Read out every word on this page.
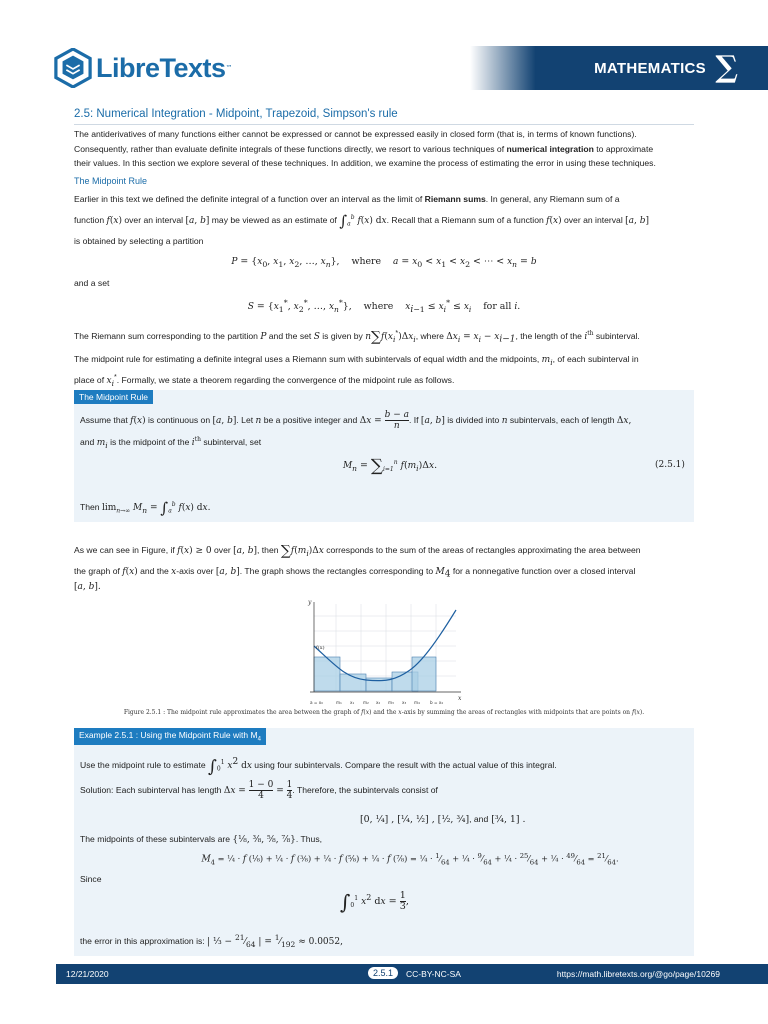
LibreTexts ™	MATHEMATICS ∑
2.5: Numerical Integration - Midpoint, Trapezoid, Simpson's rule
The antiderivatives of many functions either cannot be expressed or cannot be expressed easily in closed form (that is, in terms of known functions).
Consequently, rather than evaluate definite integrals of these functions directly, we resort to various techniques of numerical integration to approximate
their values. In this section we explore several of these techniques. In addition, we examine the process of estimating the error in using these techniques.
The Midpoint Rule
Earlier in this text we defined the definite integral of a function over an interval as the limit of Riemann sums. In general, any Riemann sum of a
function f(x) over an interval [a, b] may be viewed as an estimate of $\int_a^b$ f(x) dx. Recall that a Riemann sum of a function f(x) over an interval [a, b]
is obtained by selecting a partition
$P = \{x_0$, $x_1$, $x_2$, …, $x_n$},    where    $a = x_0 < x_1 < x_2$ < ⋯ < $x_n = b$
and a set
$S = \{x_1^*$, $x_2^*$, …, $x_n^*$},    where    $x_{i-1} \le x_i^* \le x_i$    for all i.
The Riemann sum corresponding to the partition P and the set S is given by $n\sum f(x_i^*)\Delta x_i$, where $\Delta x_i = x_i - x_{i-1}$, the length of the $i^{th}$ subinterval.
The midpoint rule for estimating a definite integral uses a Riemann sum with subintervals of equal width and the midpoints, $m_i$, of each subinterval in
place of $x_i^*$. Formally, we state a theorem regarding the convergence of the midpoint rule as follows.
The Midpoint Rule
Assume that f(x) is continuous on [a, b]. Let n be a positive integer and $\Delta x = \frac{b - a}{n}$ . If [a, b] is divided into n subintervals, each of length Δx,
and $m_i$ is the midpoint of the $i^{th}$ subinterval, set
$M_n = \sum_{i=1}^n$ $f(m_i)\Delta x$.	(2.5.1)
Then $\lim_{n\to\infty} M_n = \int_a^b$ f(x) dx.
As we can see in Figure, if f(x) ≥ 0 over [a, b], then $\sum f(m_i)\Delta x$ corresponds to the sum of the areas of rectangles approximating the area between
the graph of f(x) and the x-axis over [a, b]. The graph shows the rectangles corresponding to $M_4$ for a nonnegative function over a closed interval
[a, b].
y
x
f(x)
a = x₀	m₁ x₁ m₂ x₂ m₃ x₃ m₄ b = x₄
Figure 2.5.1 : The midpoint rule approximates the area between the graph of f(x) and the x-axis by summing the areas of rectangles with midpoints that are points on f(x).
Example 2.5.1 : Using the Midpoint Rule with $M_4$
Use the midpoint rule to estimate $\int_0^1$ $x^2$ dx using four subintervals. Compare the result with the actual value of this integral.
Solution: Each subinterval has length $\Delta x = \frac{1 - 0}{4} = \frac{1}{4}$ . Therefore, the subintervals consist of
[0, ¼] , [¼, ½] , [½, ¾], and [¾, 1] .
The midpoints of these subintervals are {⅛, ⅜, ⅝, ⅞}. Thus,
$M_4$ = ¼ · f (⅛) + ¼ · f (⅜) + ¼ · f (⅝) + ¼ · f (⅞) = ¼ · $^1⁄_{64}$ + ¼ · $^9⁄_{64}$ + ¼ · $^{25}⁄_{64}$ + ¼ · $^{49}⁄_{64}$ = $^{21}⁄_{64}$.
Since
$\int_0^1$ $x^2$ dx = $\frac{1}{3}$ ,
the error in this approximation is: | ⅓ − $^{21}⁄_{64}$ | = $^1⁄_{192} \approx 0.0052$,
12/21/2020	2.5.1	CC-BY-NC-SA	https://math.libretexts.org/@go/page/10269
